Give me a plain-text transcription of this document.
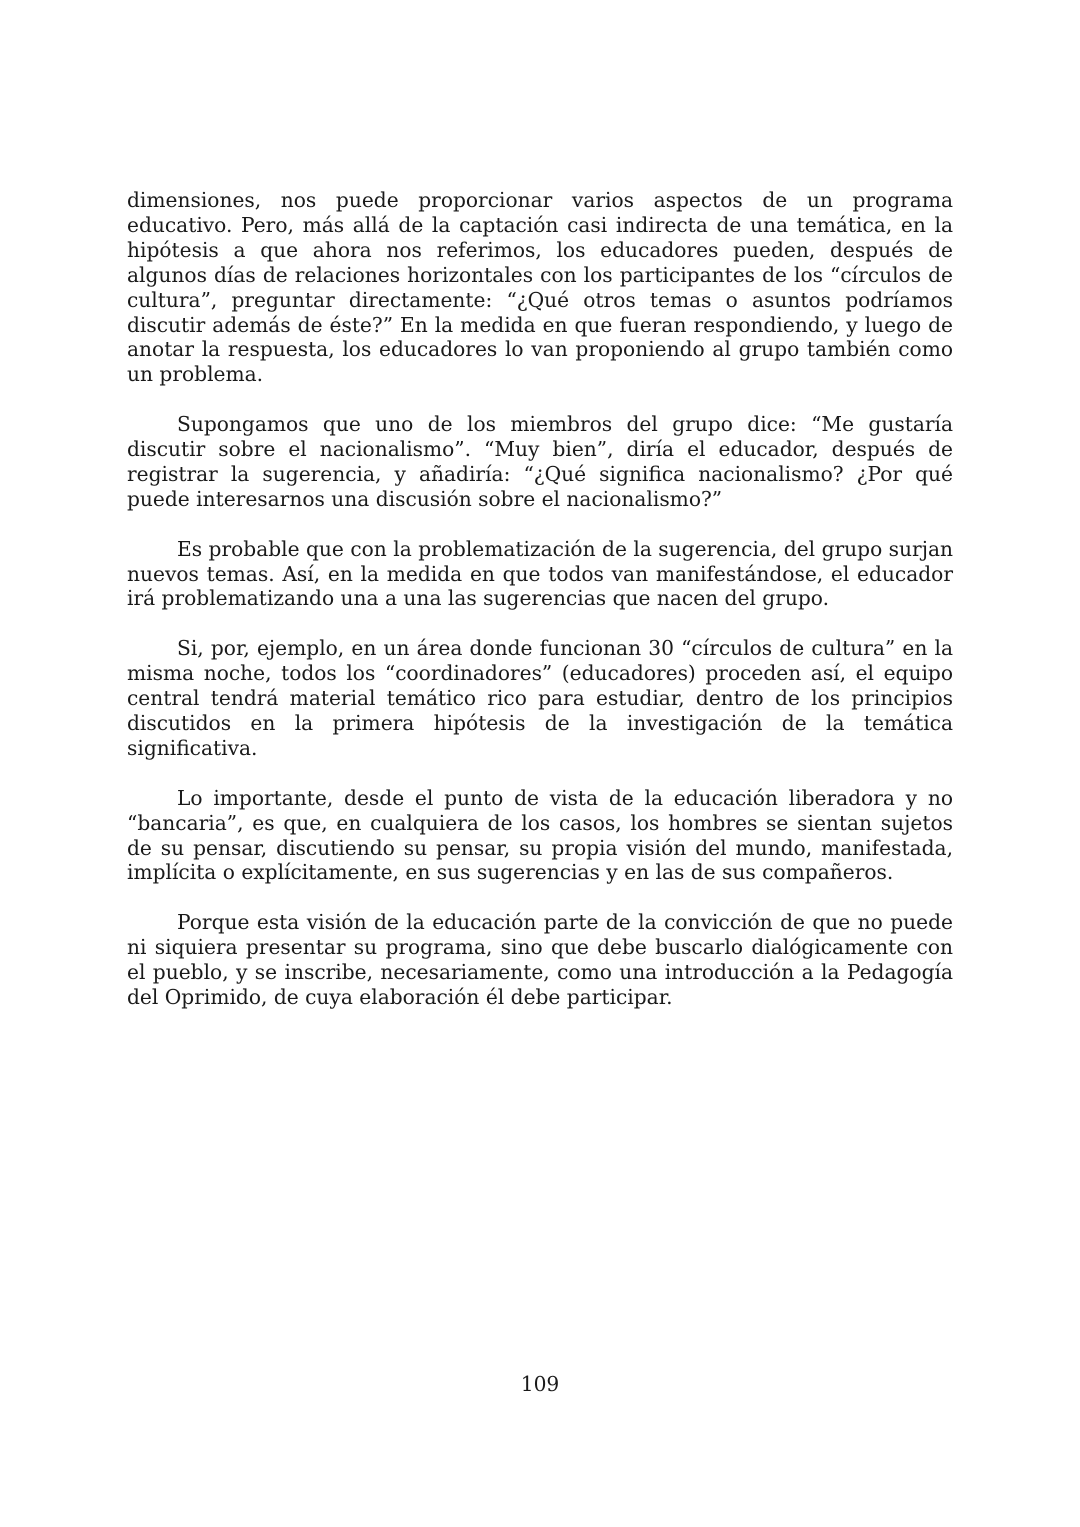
dimensiones, nos puede proporcionar varios aspectos de un programa educativo. Pero, más allá de la captación casi indirecta de una temática, en la hipótesis a que ahora nos referimos, los educadores pueden, después de algunos días de relaciones horizontales con los participantes de los “círculos de cultura”, preguntar directamente: “¿Qué otros temas o asuntos podríamos discutir además de éste?” En la medida en que fueran respondiendo, y luego de anotar la respuesta, los educadores lo van proponiendo al grupo también como un problema.

Supongamos que uno de los miembros del grupo dice: “Me gustaría discutir sobre el nacionalismo”. “Muy bien”, diría el educador, después de registrar la sugerencia, y añadiría: “¿Qué significa nacionalismo? ¿Por qué puede interesarnos una discusión sobre el nacionalismo?”

Es probable que con la problematización de la sugerencia, del grupo surjan nuevos temas. Así, en la medida en que todos van manifestándose, el educador irá problematizando una a una las sugerencias que nacen del grupo.

Si, por, ejemplo, en un área donde funcionan 30 “círculos de cultura” en la misma noche, todos los “coordinadores” (educadores) proceden así, el equipo central tendrá material temático rico para estudiar, dentro de los principios discutidos en la primera hipótesis de la investigación de la temática significativa.

Lo importante, desde el punto de vista de la educación liberadora y no “bancaria”, es que, en cualquiera de los casos, los hombres se sientan sujetos de su pensar, discutiendo su pensar, su propia visión del mundo, manifestada, implícita o explícitamente, en sus sugerencias y en las de sus compañeros.

Porque esta visión de la educación parte de la convicción de que no puede ni siquiera presentar su programa, sino que debe buscarlo dialógicamente con el pueblo, y se inscribe, necesariamente, como una introducción a la Pedagogía del Oprimido, de cuya elaboración él debe participar.

109
